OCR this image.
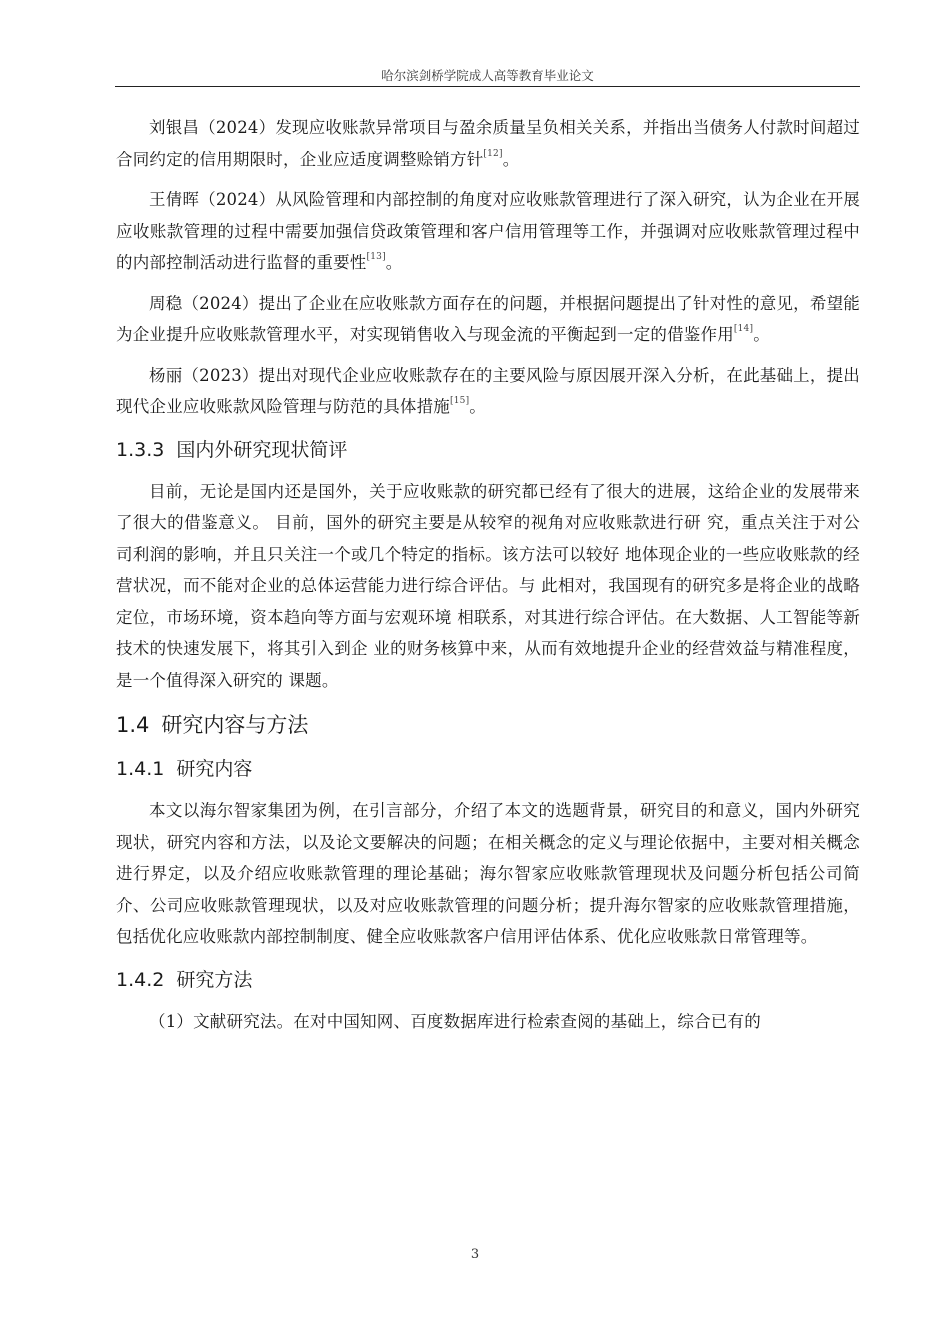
哈尔滨剑桥学院成人高等教育毕业论文

刘银昌（2024）发现应收账款异常项目与盈余质量呈负相关关系，并指出当债务人付款时间超过合同约定的信用期限时，企业应适度调整赊销方针[12]。

王倩晖（2024）从风险管理和内部控制的角度对应收账款管理进行了深入研究，认为企业在开展应收账款管理的过程中需要加强信贷政策管理和客户信用管理等工作，并强调对应收账款管理过程中的内部控制活动进行监督的重要性[13]。

周稳（2024）提出了企业在应收账款方面存在的问题，并根据问题提出了针对性的意见，希望能为企业提升应收账款管理水平，对实现销售收入与现金流的平衡起到一定的借鉴作用[14]。

杨丽（2023）提出对现代企业应收账款存在的主要风险与原因展开深入分析，在此基础上，提出现代企业应收账款风险管理与防范的具体措施[15]。

1.3.3 国内外研究现状简评

目前，无论是国内还是国外，关于应收账款的研究都已经有了很大的进展，这给企业的发展带来了很大的借鉴意义。 目前，国外的研究主要是从较窄的视角对应收账款进行研 究，重点关注于对公司利润的影响，并且只关注一个或几个特定的指标。该方法可以较好 地体现企业的一些应收账款的经营状况，而不能对企业的总体运营能力进行综合评估。与 此相对，我国现有的研究多是将企业的战略定位，市场环境，资本趋向等方面与宏观环境 相联系，对其进行综合评估。在大数据、人工智能等新技术的快速发展下，将其引入到企 业的财务核算中来，从而有效地提升企业的经营效益与精准程度，是一个值得深入研究的 课题。

1.4 研究内容与方法
1.4.1 研究内容

本文以海尔智家集团为例，在引言部分，介绍了本文的选题背景，研究目的和意义，国内外研究现状，研究内容和方法，以及论文要解决的问题；在相关概念的定义与理论依据中，主要对相关概念进行界定，以及介绍应收账款管理的理论基础；海尔智家应收账款管理现状及问题分析包括公司简介、公司应收账款管理现状，以及对应收账款管理的问题分析；提升海尔智家的应收账款管理措施，包括优化应收账款内部控制制度、健全应收账款客户信用评估体系、优化应收账款日常管理等。

1.4.2 研究方法

（1）文献研究法。在对中国知网、百度数据库进行检索查阅的基础上，综合已有的

3
